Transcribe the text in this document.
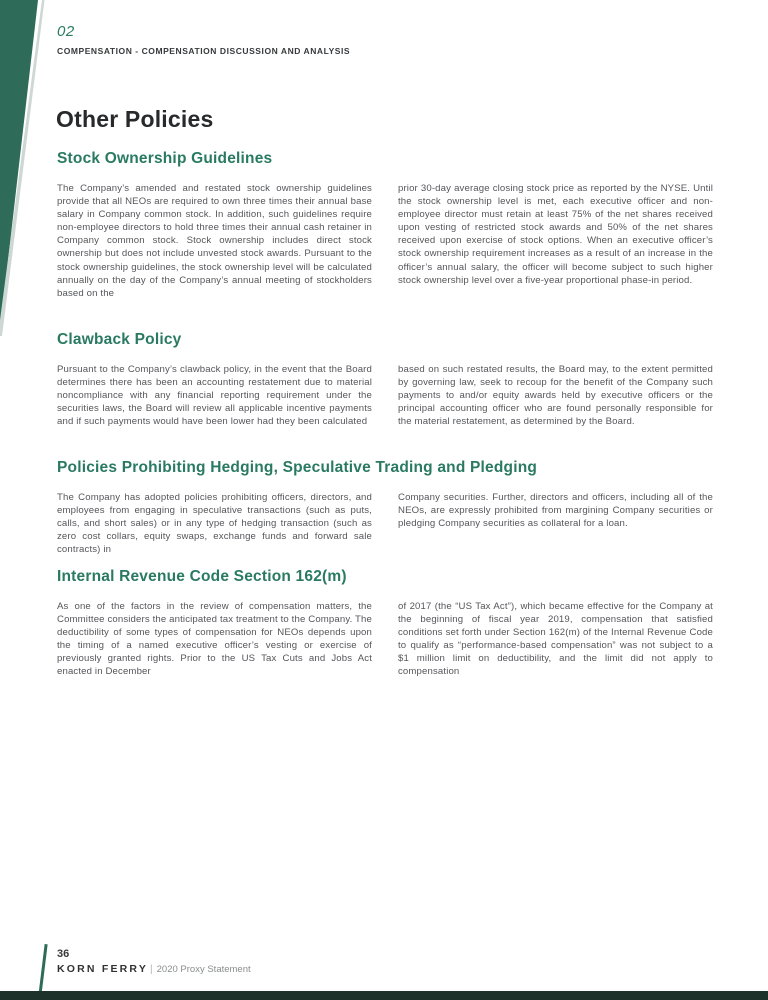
02
COMPENSATION - COMPENSATION DISCUSSION AND ANALYSIS
Other Policies
Stock Ownership Guidelines
The Company’s amended and restated stock ownership guidelines provide that all NEOs are required to own three times their annual base salary in Company common stock. In addition, such guidelines require non-employee directors to hold three times their annual cash retainer in Company common stock. Stock ownership includes direct stock ownership but does not include unvested stock awards. Pursuant to the stock ownership guidelines, the stock ownership level will be calculated annually on the day of the Company’s annual meeting of stockholders based on the
prior 30-day average closing stock price as reported by the NYSE. Until the stock ownership level is met, each executive officer and non-employee director must retain at least 75% of the net shares received upon vesting of restricted stock awards and 50% of the net shares received upon exercise of stock options. When an executive officer’s stock ownership requirement increases as a result of an increase in the officer’s annual salary, the officer will become subject to such higher stock ownership level over a five-year proportional phase-in period.
Clawback Policy
Pursuant to the Company’s clawback policy, in the event that the Board determines there has been an accounting restatement due to material noncompliance with any financial reporting requirement under the securities laws, the Board will review all applicable incentive payments and if such payments would have been lower had they been calculated
based on such restated results, the Board may, to the extent permitted by governing law, seek to recoup for the benefit of the Company such payments to and/or equity awards held by executive officers or the principal accounting officer who are found personally responsible for the material restatement, as determined by the Board.
Policies Prohibiting Hedging, Speculative Trading and Pledging
The Company has adopted policies prohibiting officers, directors, and employees from engaging in speculative transactions (such as puts, calls, and short sales) or in any type of hedging transaction (such as zero cost collars, equity swaps, exchange funds and forward sale contracts) in
Company securities. Further, directors and officers, including all of the NEOs, are expressly prohibited from margining Company securities or pledging Company securities as collateral for a loan.
Internal Revenue Code Section 162(m)
As one of the factors in the review of compensation matters, the Committee considers the anticipated tax treatment to the Company. The deductibility of some types of compensation for NEOs depends upon the timing of a named executive officer’s vesting or exercise of previously granted rights. Prior to the US Tax Cuts and Jobs Act enacted in December
of 2017 (the “US Tax Act”), which became effective for the Company at the beginning of fiscal year 2019, compensation that satisfied conditions set forth under Section 162(m) of the Internal Revenue Code to qualify as “performance-based compensation” was not subject to a $1 million limit on deductibility, and the limit did not apply to compensation
36
KORN FERRY | 2020 Proxy Statement
